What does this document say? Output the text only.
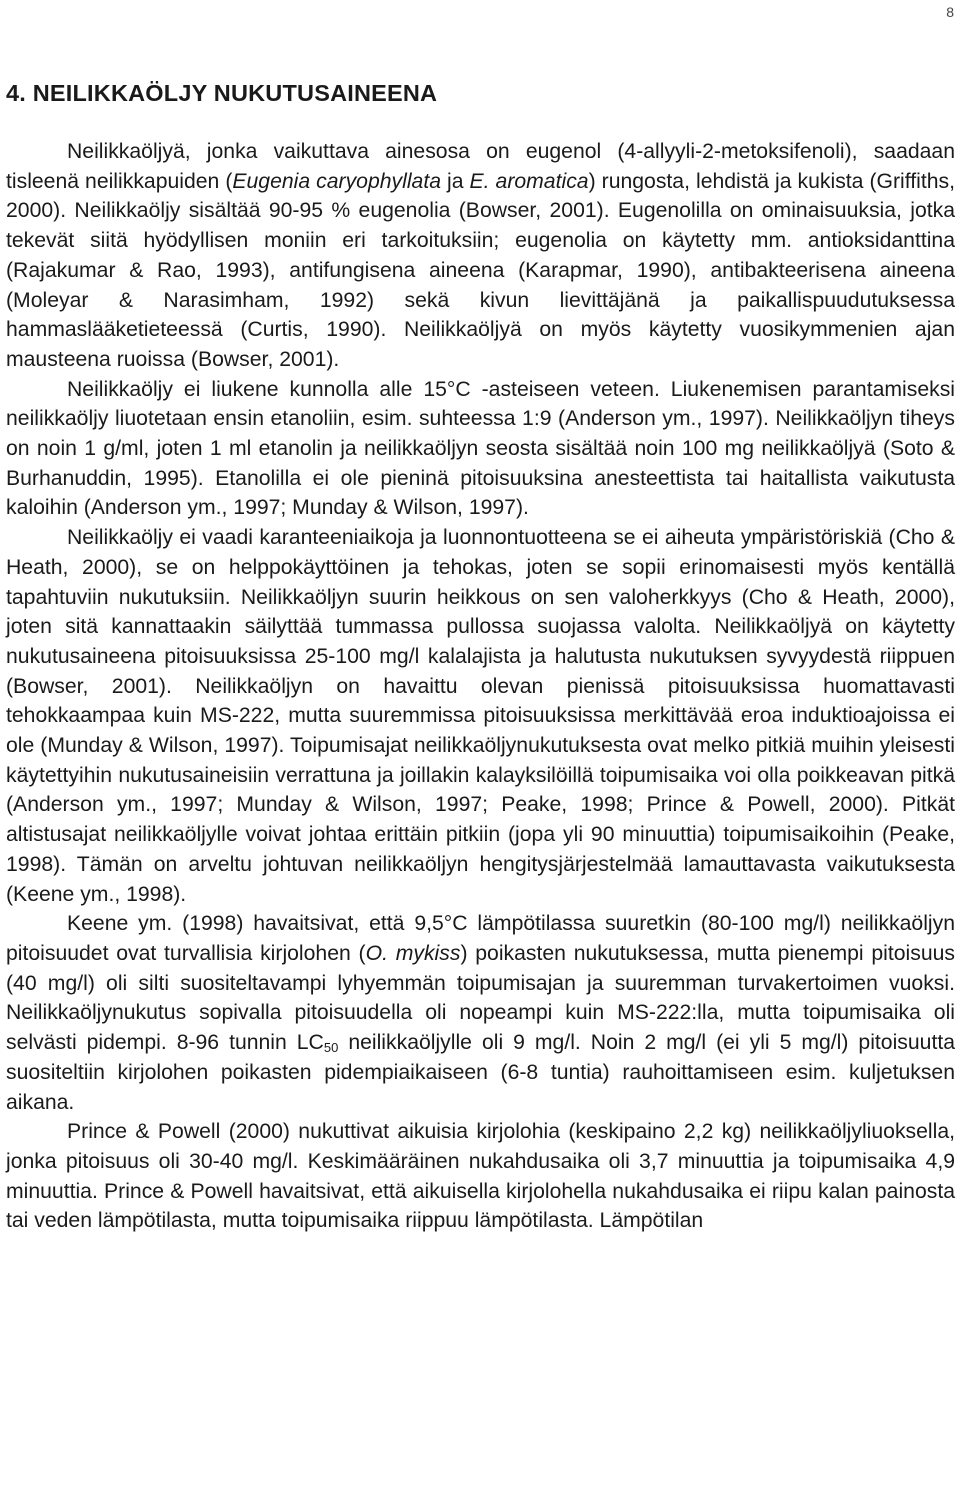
8
4. NEILIKKAÖLJY NUKUTUSAINEENA

Neilikkaöljyä, jonka vaikuttava ainesosa on eugenol (4-allyyli-2-metoksifenoli), saadaan tisleenä neilikkapuiden (Eugenia caryophyllata ja E. aromatica) rungosta, lehdistä ja kukista (Griffiths, 2000). Neilikkaöljy sisältää 90-95 % eugenolia (Bowser, 2001). Eugenolilla on ominaisuuksia, jotka tekevät siitä hyödyllisen moniin eri tarkoituksiin; eugenolia on käytetty mm. antioksidanttina (Rajakumar & Rao, 1993), antifungisena aineena (Karapmar, 1990), antibakteerisena aineena (Moleyar & Narasimham, 1992) sekä kivun lievittäjänä ja paikallispuudutuksessa hammaslääketieteessä (Curtis, 1990). Neilikkaöljyä on myös käytetty vuosikymmenien ajan mausteena ruoissa (Bowser, 2001).

Neilikkaöljy ei liukene kunnolla alle 15°C -asteiseen veteen. Liukenemisen parantamiseksi neilikkaöljy liuotetaan ensin etanoliin, esim. suhteessa 1:9 (Anderson ym., 1997). Neilikkaöljyn tiheys on noin 1 g/ml, joten 1 ml etanolin ja neilikkaöljyn seosta sisältää noin 100 mg neilikkaöljyä (Soto & Burhanuddin, 1995). Etanolilla ei ole pieninä pitoisuuksina anesteettista tai haitallista vaikutusta kaloihin (Anderson ym., 1997; Munday & Wilson, 1997).

Neilikkaöljy ei vaadi karanteeniaikoja ja luonnontuotteena se ei aiheuta ympäristöriskiä (Cho & Heath, 2000), se on helppokäyttöinen ja tehokas, joten se sopii erinomaisesti myös kentällä tapahtuviin nukutuksiin. Neilikkaöljyn suurin heikkous on sen valoherkkyys (Cho & Heath, 2000), joten sitä kannattaakin säilyttää tummassa pullossa suojassa valolta. Neilikkaöljyä on käytetty nukutusaineena pitoisuuksissa 25-100 mg/l kalalajista ja halutusta nukutuksen syvyydestä riippuen (Bowser, 2001). Neilikkaöljyn on havaittu olevan pienissä pitoisuuksissa huomattavasti tehokkaampaa kuin MS-222, mutta suuremmissa pitoisuuksissa merkittävää eroa induktioajoissa ei ole (Munday & Wilson, 1997). Toipumisajat neilikkaöljynukutuksesta ovat melko pitkiä muihin yleisesti käytettyihin nukutusaineisiin verrattuna ja joillakin kalayksilöillä toipumisaika voi olla poikkeavan pitkä (Anderson ym., 1997; Munday & Wilson, 1997; Peake, 1998; Prince & Powell, 2000). Pitkät altistusajat neilikkaöljylle voivat johtaa erittäin pitkiin (jopa yli 90 minuuttia) toipumisaikoihin (Peake, 1998). Tämän on arveltu johtuvan neilikkaöljyn hengitysjärjestelmää lamauttavasta vaikutuksesta (Keene ym., 1998).

Keene ym. (1998) havaitsivat, että 9,5°C lämpötilassa suuretkin (80-100 mg/l) neilikkaöljyn pitoisuudet ovat turvallisia kirjolohen (O. mykiss) poikasten nukutuksessa, mutta pienempi pitoisuus (40 mg/l) oli silti suositeltavampi lyhyemmän toipumisajan ja suuremman turvakertoimen vuoksi. Neilikkaöljynukutus sopivalla pitoisuudella oli nopeampi kuin MS-222:lla, mutta toipumisaika oli selvästi pidempi. 8-96 tunnin $LC_{50}$ neilikkaöljylle oli 9 mg/l. Noin 2 mg/l (ei yli 5 mg/l) pitoisuutta suositeltiin kirjolohen poikasten pidempiaikaiseen (6-8 tuntia) rauhoittamiseen esim. kuljetuksen aikana.

Prince & Powell (2000) nukuttivat aikuisia kirjolohia (keskipaino 2,2 kg) neilikkaöljyliuoksella, jonka pitoisuus oli 30-40 mg/l. Keskimääräinen nukahdusaika oli 3,7 minuuttia ja toipumisaika 4,9 minuuttia. Prince & Powell havaitsivat, että aikuisella kirjolohella nukahdusaika ei riipu kalan painosta tai veden lämpötilasta, mutta toipumisaika riippuu lämpötilasta. Lämpötilan
